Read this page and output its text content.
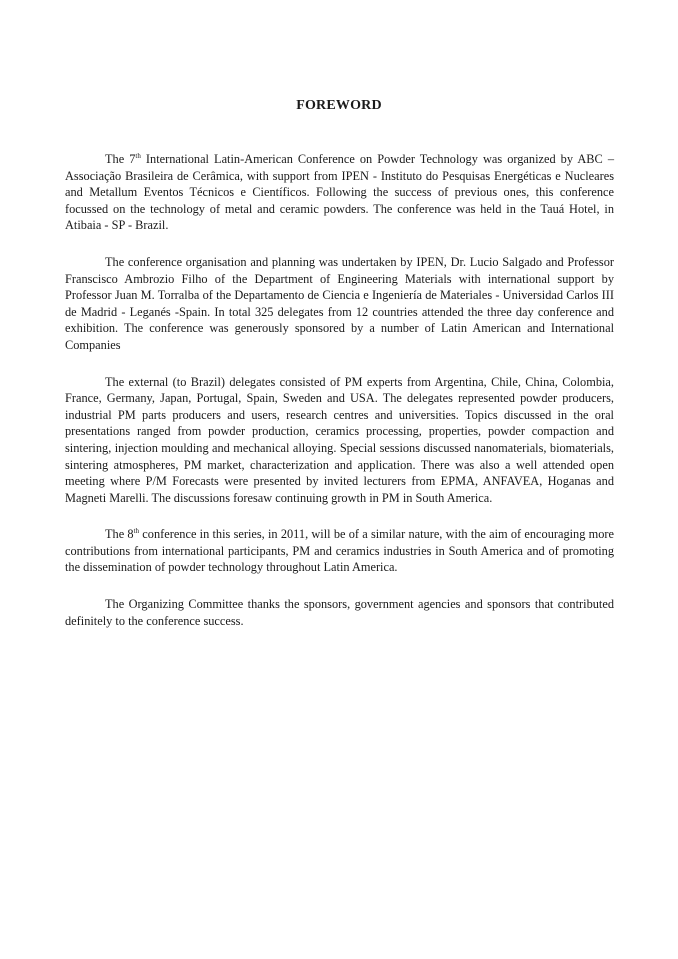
FOREWORD

The 7th International Latin-American Conference on Powder Technology was organized by ABC – Associação Brasileira de Cerâmica, with support from IPEN - Instituto do Pesquisas Energéticas e Nucleares and Metallum Eventos Técnicos e Científicos. Following the success of previous ones, this conference focussed on the technology of metal and ceramic powders. The conference was held in the Tauá Hotel, in Atibaia - SP - Brazil.

The conference organisation and planning was undertaken by IPEN, Dr. Lucio Salgado and Professor Franscisco Ambrozio Filho of the Department of Engineering Materials with international support by Professor Juan M. Torralba of the Departamento de Ciencia e Ingeniería de Materiales - Universidad Carlos III de Madrid - Leganés -Spain. In total 325 delegates from 12 countries attended the three day conference and exhibition. The conference was generously sponsored by a number of Latin American and International Companies

The external (to Brazil) delegates consisted of PM experts from Argentina, Chile, China, Colombia, France, Germany, Japan, Portugal, Spain, Sweden and USA. The delegates represented powder producers, industrial PM parts producers and users, research centres and universities. Topics discussed in the oral presentations ranged from powder production, ceramics processing, properties, powder compaction and sintering, injection moulding and mechanical alloying. Special sessions discussed nanomaterials, biomaterials, sintering atmospheres, PM market, characterization and application. There was also a well attended open meeting where P/M Forecasts were presented by invited lecturers from EPMA, ANFAVEA, Hoganas and Magneti Marelli. The discussions foresaw continuing growth in PM in South America.

The 8th conference in this series, in 2011, will be of a similar nature, with the aim of encouraging more contributions from international participants, PM and ceramics industries in South America and of promoting the dissemination of powder technology throughout Latin America.

The Organizing Committee thanks the sponsors, government agencies and sponsors that contributed definitely to the conference success.
